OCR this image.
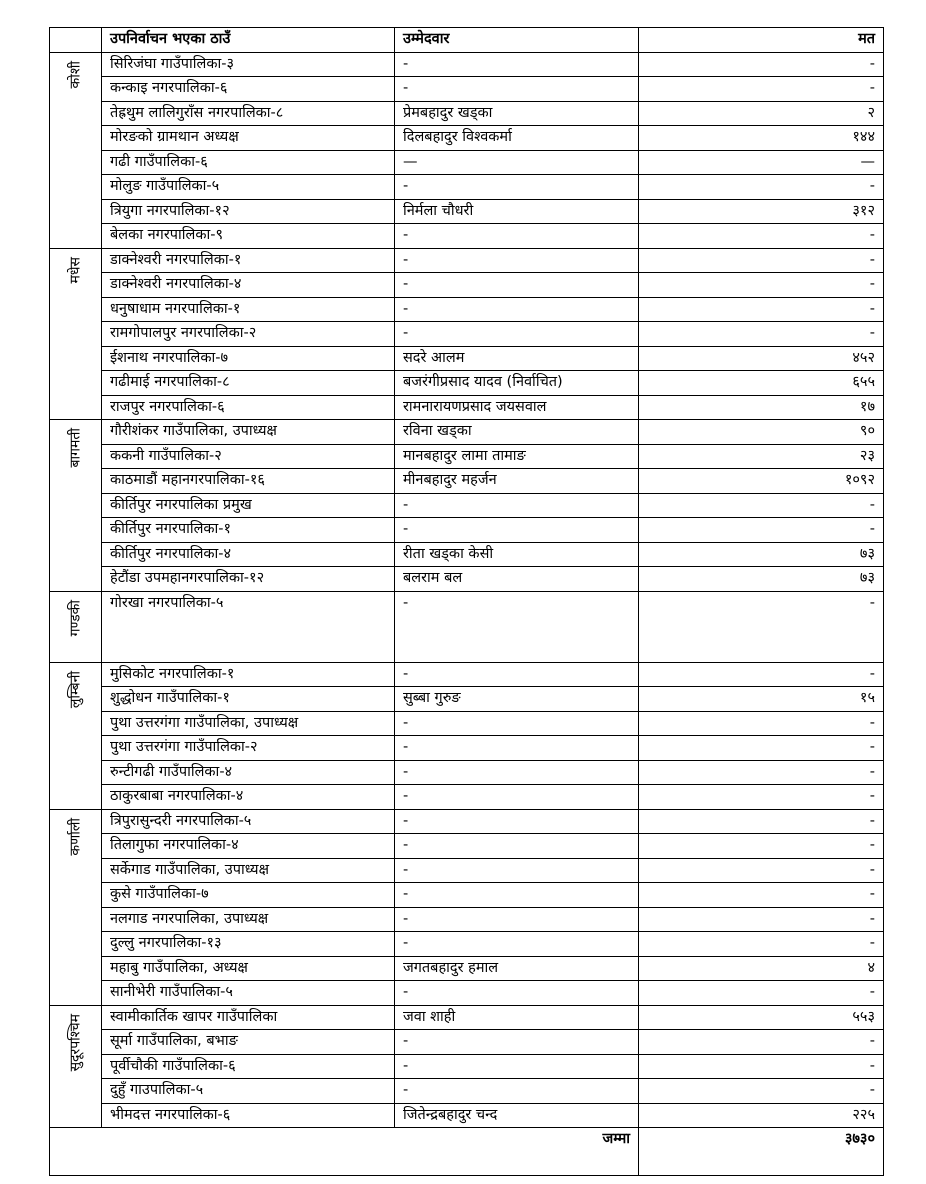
	उपनिर्वाचन भएका ठाउँ	उम्मेदवार	मत

कोशी	सिरिजंघा गाउँपालिका-३	-	-
	कन्काइ नगरपालिका-६	-	-
	तेह्रथुम लालिगुराँस नगरपालिका-८	प्रेमबहादुर खड्का	२
	मोरङको ग्रामथान अध्यक्ष	दिलबहादुर विश्वकर्मा	१४४
	गढी गाउँपालिका-६	—	—
	मोलुङ गाउँपालिका-५	-	-
	त्रियुगा नगरपालिका-१२	निर्मला चौधरी	३१२
	बेलका नगरपालिका-९	-	-

मधेस	डाक्नेश्वरी नगरपालिका-१	-	-
	डाक्नेश्वरी नगरपालिका-४	-	-
	धनुषाधाम नगरपालिका-१	-	-
	रामगोपालपुर नगरपालिका-२	-	-
	ईशनाथ नगरपालिका-७	सदरे आलम	४५२
	गढीमाई नगरपालिका-८	बजरंगीप्रसाद यादव (निर्वाचित)	६५५
	राजपुर नगरपालिका-६	रामनारायणप्रसाद जयसवाल	१७

बागमती	गौरीशंकर गाउँपालिका, उपाध्यक्ष	रविना खड्का	९०
	ककनी गाउँपालिका-२	मानबहादुर लामा तामाङ	२३
	काठमाडौं महानगरपालिका-१६	मीनबहादुर महर्जन	१०९२
	कीर्तिपुर नगरपालिका प्रमुख	-	-
	कीर्तिपुर नगरपालिका-१	-	-
	कीर्तिपुर नगरपालिका-४	रीता खड्का केसी	७३
	हेटौंडा उपमहानगरपालिका-१२	बलराम बल	७३

गण्डकी	गोरखा नगरपालिका-५	-	-

लुम्बिनी	मुसिकोट नगरपालिका-१	-	-
	शुद्धोधन गाउँपालिका-१	सुब्बा गुरुङ	१५
	पुथा उत्तरगंगा गाउँपालिका, उपाध्यक्ष	-	-
	पुथा उत्तरगंगा गाउँपालिका-२	-	-
	रुन्टीगढी गाउँपालिका-४	-	-
	ठाकुरबाबा नगरपालिका-४	-	-

कर्णाली	त्रिपुरासुन्दरी नगरपालिका-५	-	-
	तिलागुफा नगरपालिका-४	-	-
	सर्केगाड गाउँपालिका, उपाध्यक्ष	-	-
	कुसे गाउँपालिका-७	-	-
	नलगाड नगरपालिका, उपाध्यक्ष	-	-
	दुल्लु नगरपालिका-१३	-	-
	महाबु गाउँपालिका, अध्यक्ष	जगतबहादुर हमाल	४
	सानीभेरी गाउँपालिका-५	-	-

सुदूरपश्चिम	स्वामीकार्तिक खापर गाउँपालिका	जवा शाही	५५३
	सूर्मा गाउँपालिका, बभाङ	-	-
	पूर्वीचौकी गाउँपालिका-६	-	-
	दुहुँ गाउपालिका-५	-	-
	भीमदत्त नगरपालिका-६	जितेन्द्रबहादुर चन्द	२२५
जम्मा			३७३०
